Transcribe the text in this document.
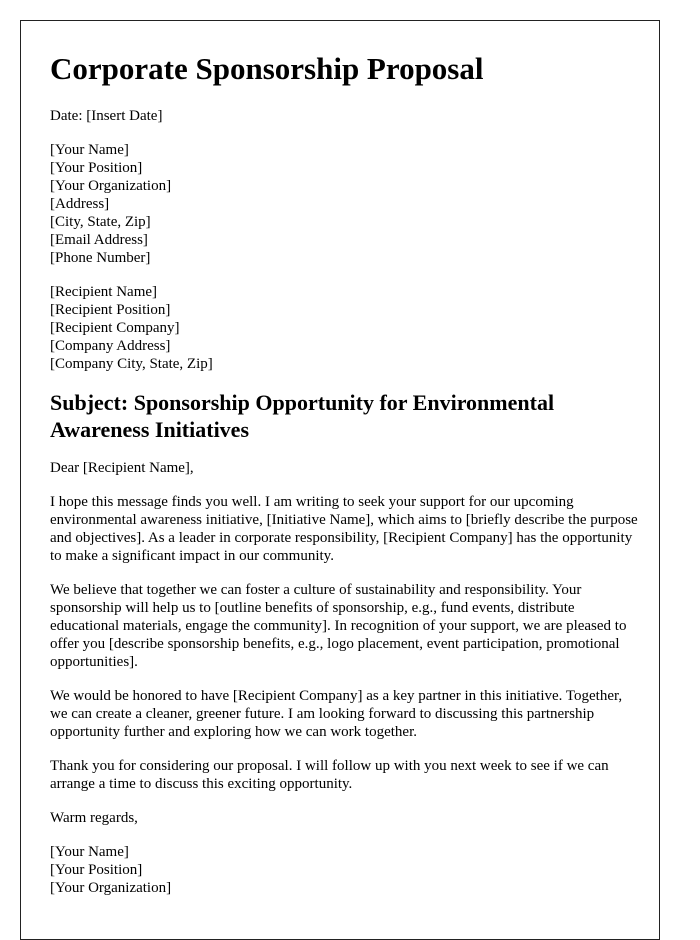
Corporate Sponsorship Proposal
Date: [Insert Date]
[Your Name]
[Your Position]
[Your Organization]
[Address]
[City, State, Zip]
[Email Address]
[Phone Number]
[Recipient Name]
[Recipient Position]
[Recipient Company]
[Company Address]
[Company City, State, Zip]
Subject: Sponsorship Opportunity for Environmental Awareness Initiatives

Dear [Recipient Name],

I hope this message finds you well. I am writing to seek your support for our upcoming environmental awareness initiative, [Initiative Name], which aims to [briefly describe the purpose and objectives]. As a leader in corporate responsibility, [Recipient Company] has the opportunity to make a significant impact in our community.

We believe that together we can foster a culture of sustainability and responsibility. Your sponsorship will help us to [outline benefits of sponsorship, e.g., fund events, distribute educational materials, engage the community]. In recognition of your support, we are pleased to offer you [describe sponsorship benefits, e.g., logo placement, event participation, promotional opportunities].

We would be honored to have [Recipient Company] as a key partner in this initiative. Together, we can create a cleaner, greener future. I am looking forward to discussing this partnership opportunity further and exploring how we can work together.

Thank you for considering our proposal. I will follow up with you next week to see if we can arrange a time to discuss this exciting opportunity.

Warm regards,

[Your Name]
[Your Position]
[Your Organization]
